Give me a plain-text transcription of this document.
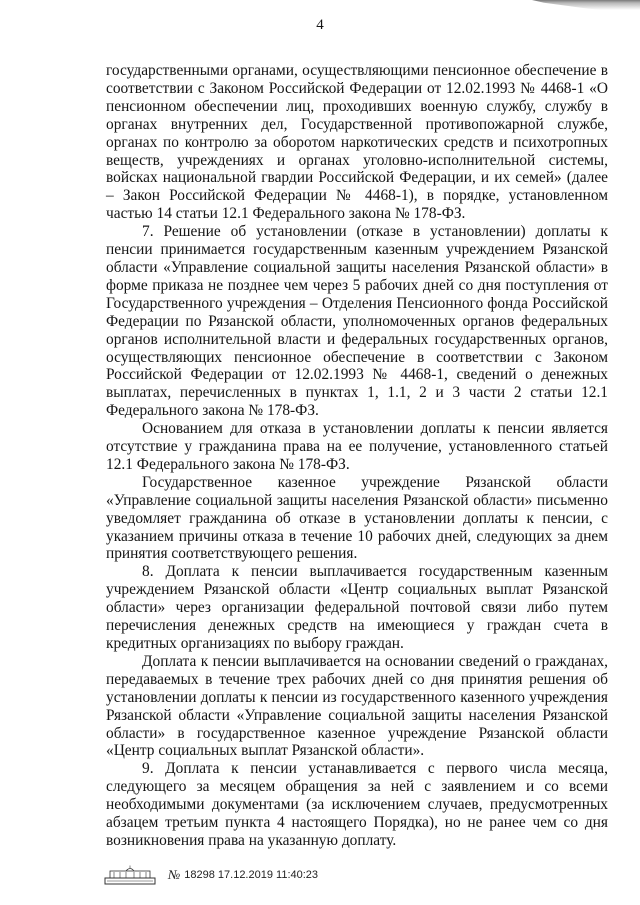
4

государственными органами, осуществляющими пенсионное обеспечение в соответствии с Законом Российской Федерации от 12.02.1993 № 4468-1 «О пенсионном обеспечении лиц, проходивших военную службу, службу в органах внутренних дел, Государственной противопожарной службе, органах по контролю за оборотом наркотических средств и психотропных веществ, учреждениях и органах уголовно-исполнительной системы, войсках национальной гвардии Российской Федерации, и их семей» (далее – Закон Российской Федерации № 4468-1), в порядке, установленном частью 14 статьи 12.1 Федерального закона № 178-ФЗ.

7. Решение об установлении (отказе в установлении) доплаты к пенсии принимается государственным казенным учреждением Рязанской области «Управление социальной защиты населения Рязанской области» в форме приказа не позднее чем через 5 рабочих дней со дня поступления от Государственного учреждения – Отделения Пенсионного фонда Российской Федерации по Рязанской области, уполномоченных органов федеральных органов исполнительной власти и федеральных государственных органов, осуществляющих пенсионное обеспечение в соответствии с Законом Российской Федерации от 12.02.1993 № 4468-1, сведений о денежных выплатах, перечисленных в пунктах 1, 1.1, 2 и 3 части 2 статьи 12.1 Федерального закона № 178-ФЗ.

Основанием для отказа в установлении доплаты к пенсии является отсутствие у гражданина права на ее получение, установленного статьей 12.1 Федерального закона № 178-ФЗ.

Государственное казенное учреждение Рязанской области «Управление социальной защиты населения Рязанской области» письменно уведомляет гражданина об отказе в установлении доплаты к пенсии, с указанием причины отказа в течение 10 рабочих дней, следующих за днем принятия соответствующего решения.

8. Доплата к пенсии выплачивается государственным казенным учреждением Рязанской области «Центр социальных выплат Рязанской области» через организации федеральной почтовой связи либо путем перечисления денежных средств на имеющиеся у граждан счета в кредитных организациях по выбору граждан.

Доплата к пенсии выплачивается на основании сведений о гражданах, передаваемых в течение трех рабочих дней со дня принятия решения об установлении доплаты к пенсии из государственного казенного учреждения Рязанской области «Управление социальной защиты населения Рязанской области» в государственное казенное учреждение Рязанской области «Центр социальных выплат Рязанской области».

9. Доплата к пенсии устанавливается с первого числа месяца, следующего за месяцем обращения за ней с заявлением и со всеми необходимыми документами (за исключением случаев, предусмотренных абзацем третьим пункта 4 настоящего Порядка), но не ранее чем со дня возникновения права на указанную доплату.

№ 18298 17.12.2019 11:40:23
